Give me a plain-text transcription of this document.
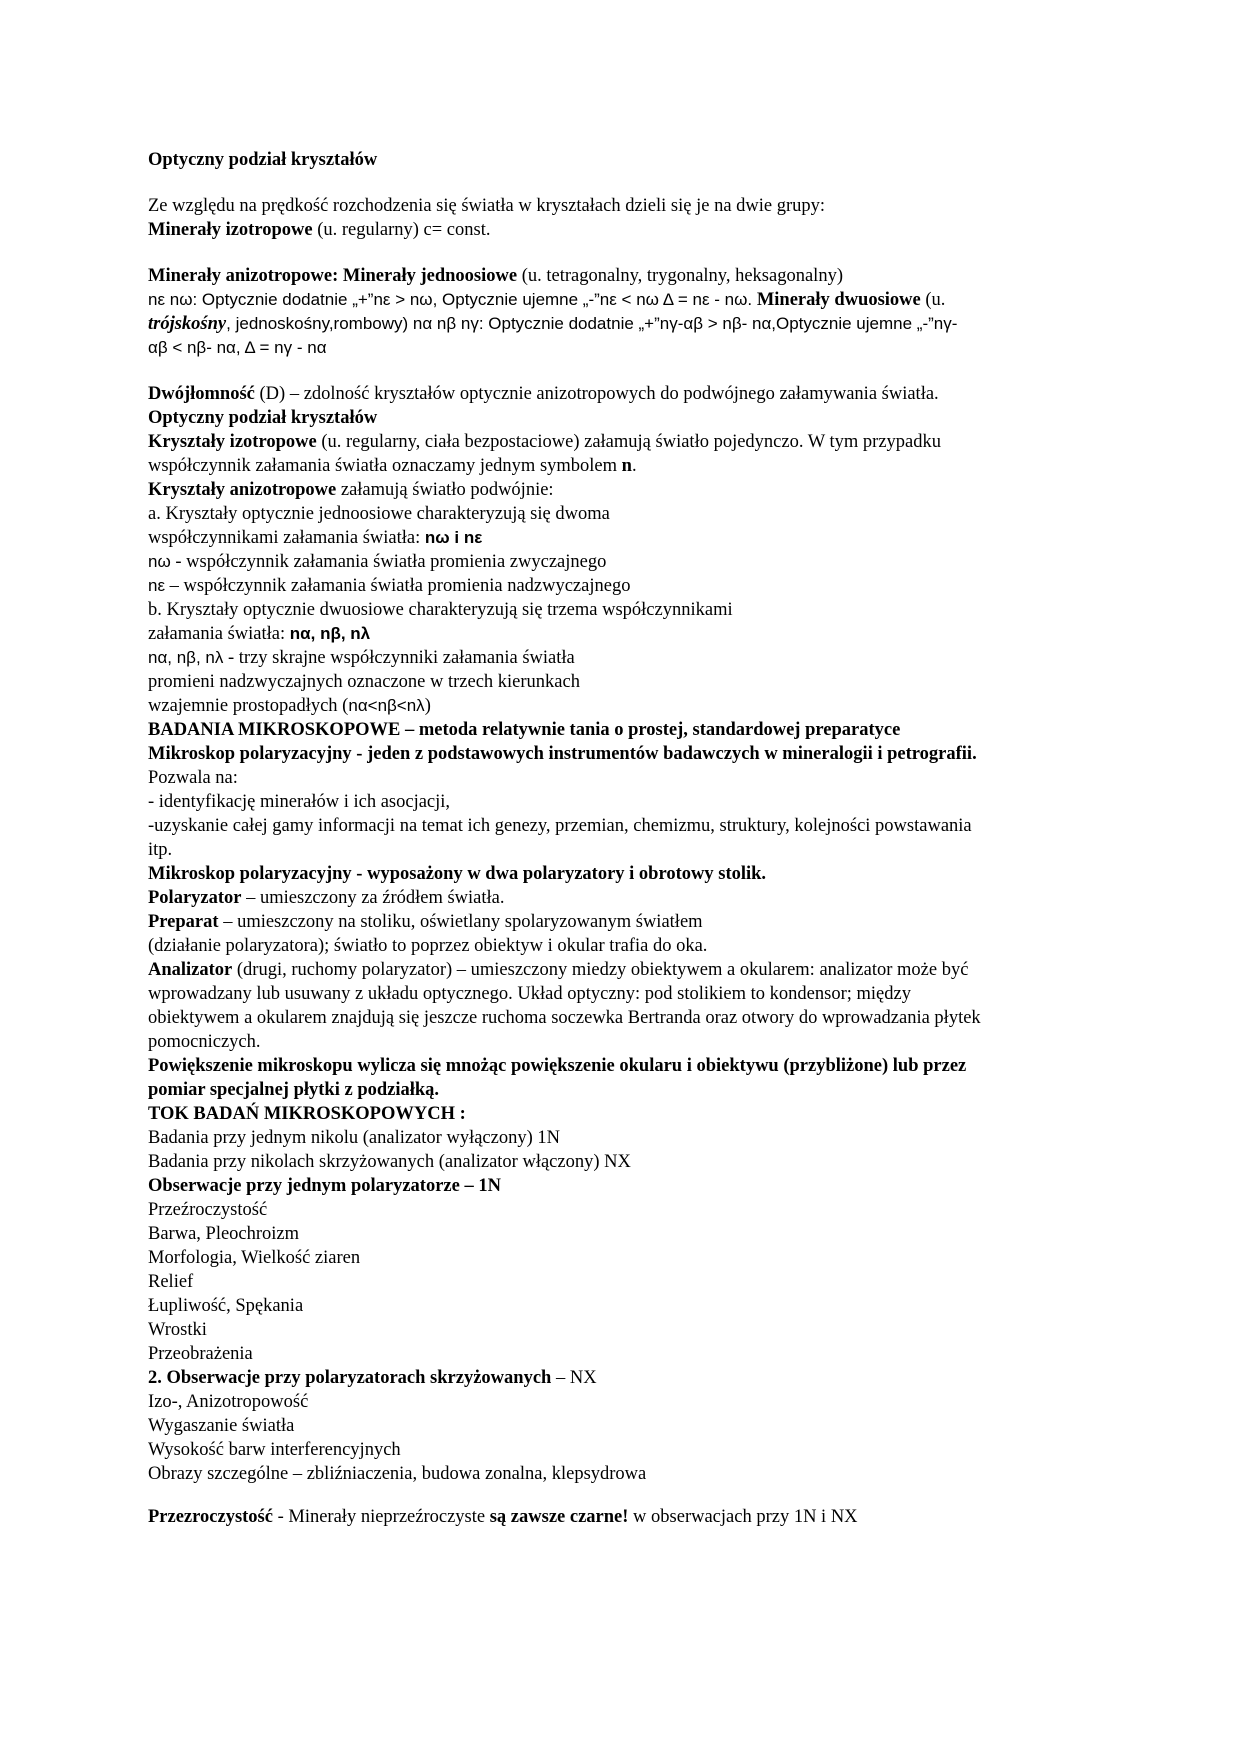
Optyczny podział kryształów
Ze względu na prędkość rozchodzenia się światła w kryształach dzieli się je na dwie grupy:
Minerały izotropowe (u. regularny) c= const.
Minerały anizotropowe: Minerały jednoosiowe (u. tetragonalny, trygonalny, heksagonalny)
nε nω: Optycznie dodatnie „+”nε > nω, Optycznie ujemne „-”nε < nω Δ = nε - nω. Minerały dwuosiowe (u.
trójskośny, jednoskośny,rombowy) nα nβ nγ: Optycznie dodatnie „+”nγ-αβ > nβ- nα,Optycznie ujemne „-”nγ-
αβ < nβ- nα, Δ = nγ - nα
Dwójłomność (D) – zdolność kryształów optycznie anizotropowych do podwójnego załamywania światła.
Optyczny podział kryształów
Kryształy izotropowe (u. regularny, ciała bezpostaciowe) załamują światło pojedynczo. W tym przypadku
współczynnik załamania światła oznaczamy jednym symbolem n.
Kryształy anizotropowe załamują światło podwójnie:
a. Kryształy optycznie jednoosiowe charakteryzują się dwoma
współczynnikami załamania światła: nω i nε
nω - współczynnik załamania światła promienia zwyczajnego
nε – współczynnik załamania światła promienia nadzwyczajnego
b. Kryształy optycznie dwuosiowe charakteryzują się trzema współczynnikami
załamania światła: nα, nβ, nλ
nα, nβ, nλ - trzy skrajne współczynniki załamania światła
promieni nadzwyczajnych oznaczone w trzech kierunkach
wzajemnie prostopadłych (nα<nβ<nλ)
BADANIA MIKROSKOPOWE – metoda relatywnie tania o prostej, standardowej preparatyce
Mikroskop polaryzacyjny - jeden z podstawowych instrumentów badawczych w mineralogii i petrografii.
Pozwala na:
- identyfikację minerałów i ich asocjacji,
-uzyskanie całej gamy informacji na temat ich genezy, przemian, chemizmu, struktury, kolejności powstawania
itp.
Mikroskop polaryzacyjny - wyposażony w dwa polaryzatory i obrotowy stolik.
Polaryzator – umieszczony za źródłem światła.
Preparat – umieszczony na stoliku, oświetlany spolaryzowanym światłem
(działanie polaryzatora); światło to poprzez obiektyw i okular trafia do oka.
Analizator (drugi, ruchomy polaryzator) – umieszczony miedzy obiektywem a okularem: analizator może być
wprowadzany lub usuwany z układu optycznego. Układ optyczny: pod stolikiem to kondensor; między
obiektywem a okularem znajdują się jeszcze ruchoma soczewka Bertranda oraz otwory do wprowadzania płytek
pomocniczych.
Powiększenie mikroskopu wylicza się mnożąc powiększenie okularu i obiektywu (przybliżone) lub przez
pomiar specjalnej płytki z podziałką.
TOK BADAŃ MIKROSKOPOWYCH :
Badania przy jednym nikolu (analizator wyłączony) 1N
Badania przy nikolach skrzyżowanych (analizator włączony) NX
Obserwacje przy jednym polaryzatorze – 1N
Przeźroczystość
Barwa, Pleochroizm
Morfologia, Wielkość ziaren
Relief
Łupliwość, Spękania
Wrostki
Przeobrażenia
2. Obserwacje przy polaryzatorach skrzyżowanych – NX
Izo-, Anizotropowość
Wygaszanie światła
Wysokość barw interferencyjnych
Obrazy szczególne – zbliźniaczenia, budowa zonalna, klepsydrowa
Przezroczystość - Minerały nieprzeźroczyste są zawsze czarne! w obserwacjach przy 1N i NX
